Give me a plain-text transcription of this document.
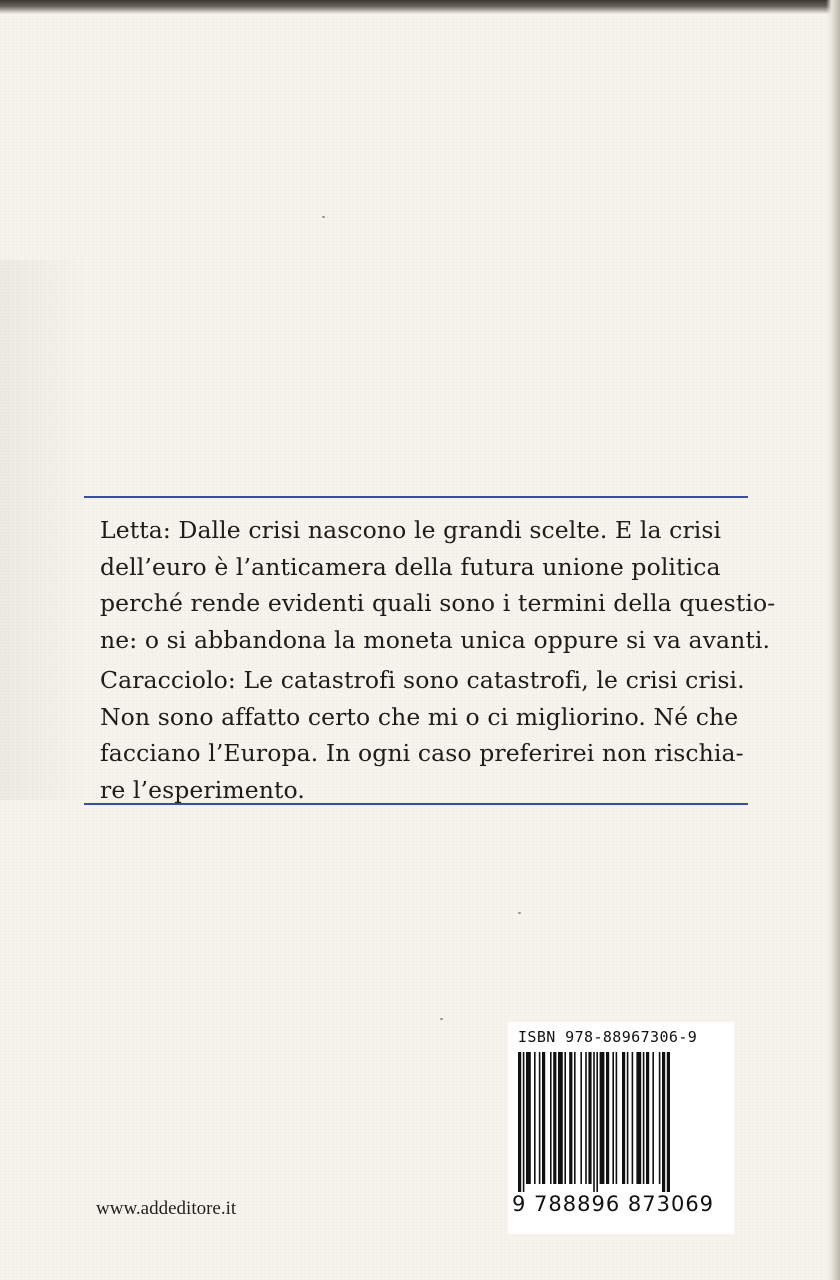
Letta: Dalle crisi nascono le grandi scelte. E la crisi
dell’euro è l’anticamera della futura unione politica
perché rende evidenti quali sono i termini della questio-
ne: o si abbandona la moneta unica oppure si va avanti.

Caracciolo: Le catastrofi sono catastrofi, le crisi crisi.
Non sono affatto certo che mi o ci migliorino. Né che
facciano l’Europa. In ogni caso preferirei non rischia-
re l’esperimento.

www.addeditore.it
ISBN 978-88967306-9
9 788896 873069
